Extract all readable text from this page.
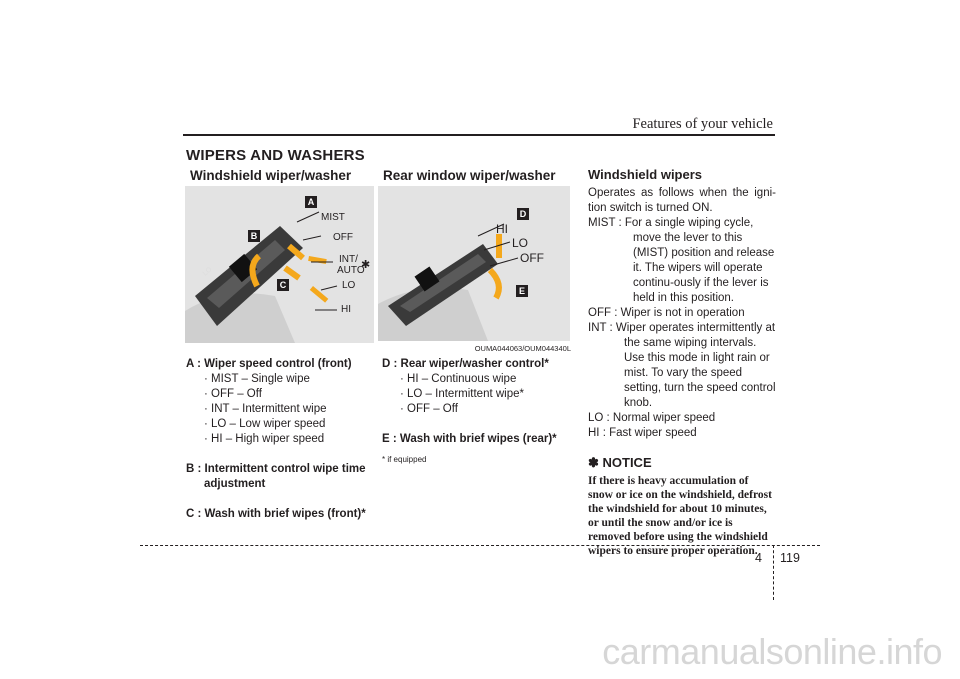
Features of your vehicle
WIPERS AND WASHERS
Windshield wiper/washer Rear window wiper/washer
LO
MIST
OFF
INT/
AUTO
✱
LO
HI
A
B
C
HI
LO
OFF
D
E
OUMA044063/OUM044340L
A : Wiper speed control (front)
· MIST – Single wipe
· OFF – Off
· INT – Intermittent wipe
· LO – Low wiper speed
· HI – High wiper speed
B : Intermittent control wipe time
adjustment
C : Wash with brief wipes (front)*
D : Rear wiper/washer control*
· HI – Continuous wipe
· LO – Intermittent wipe*
· OFF – Off
E : Wash with brief wipes (rear)*
* if equipped
Windshield wipers
Operates as follows when the igni-tion switch is turned ON.
MIST : For a single wiping cycle,
move the lever to this (MIST) position and release it. The wipers will operate continu-ously if the lever is held in this position.
OFF : Wiper is not in operation
INT : Wiper operates intermittently at
the same wiping intervals. Use this mode in light rain or mist. To vary the speed setting, turn the speed control knob.
LO : Normal wiper speed
HI : Fast wiper speed
✽ NOTICE
If there is heavy accumulation of snow or ice on the windshield, defrost the windshield for about 10 minutes, or until the snow and/or ice is removed before using the windshield wipers to ensure proper operation.
4 119
carmanualsonline.info
